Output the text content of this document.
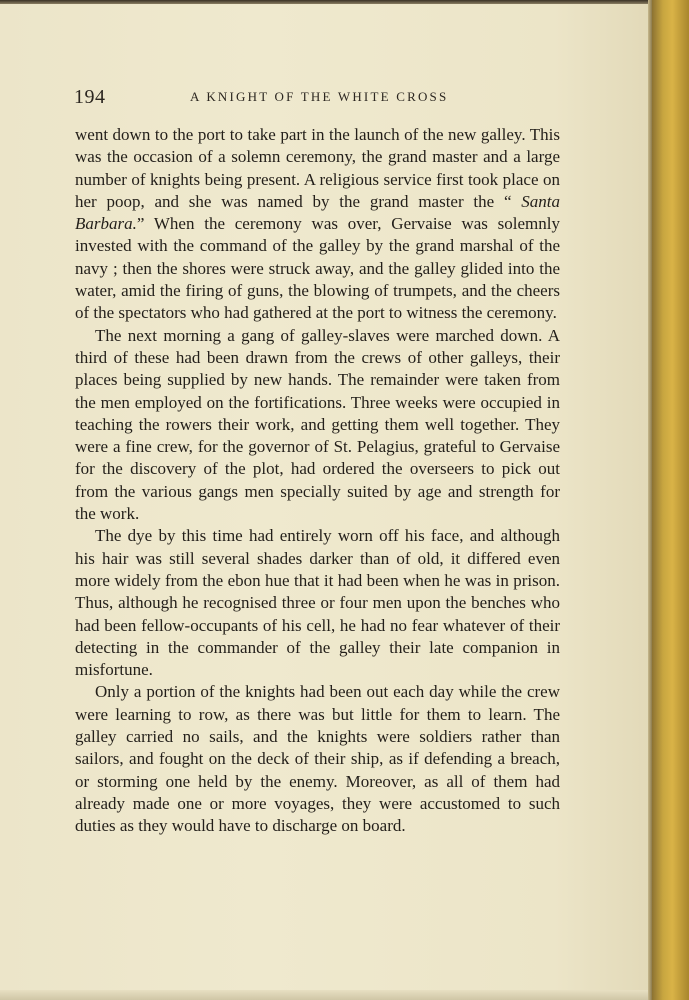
194	A KNIGHT OF THE WHITE CROSS

went down to the port to take part in the launch of the new galley. This was the occasion of a solemn ceremony, the grand master and a large number of knights being present. A religious service first took place on her poop, and she was named by the grand master the “ Santa Barbara.” When the ceremony was over, Gervaise was solemnly invested with the command of the galley by the grand marshal of the navy ; then the shores were struck away, and the galley glided into the water, amid the firing of guns, the blowing of trumpets, and the cheers of the spectators who had gathered at the port to witness the ceremony.

The next morning a gang of galley-slaves were marched down. A third of these had been drawn from the crews of other galleys, their places being supplied by new hands. The remainder were taken from the men employed on the fortifications. Three weeks were occupied in teaching the rowers their work, and getting them well together. They were a fine crew, for the governor of St. Pelagius, grateful to Gervaise for the discovery of the plot, had ordered the overseers to pick out from the various gangs men specially suited by age and strength for the work.

The dye by this time had entirely worn off his face, and although his hair was still several shades darker than of old, it differed even more widely from the ebon hue that it had been when he was in prison. Thus, although he recognised three or four men upon the benches who had been fellow-occupants of his cell, he had no fear whatever of their detecting in the commander of the galley their late companion in misfortune.

Only a portion of the knights had been out each day while the crew were learning to row, as there was but little for them to learn. The galley carried no sails, and the knights were soldiers rather than sailors, and fought on the deck of their ship, as if defending a breach, or storming one held by the enemy. Moreover, as all of them had already made one or more voyages, they were accustomed to such duties as they would have to discharge on board.
